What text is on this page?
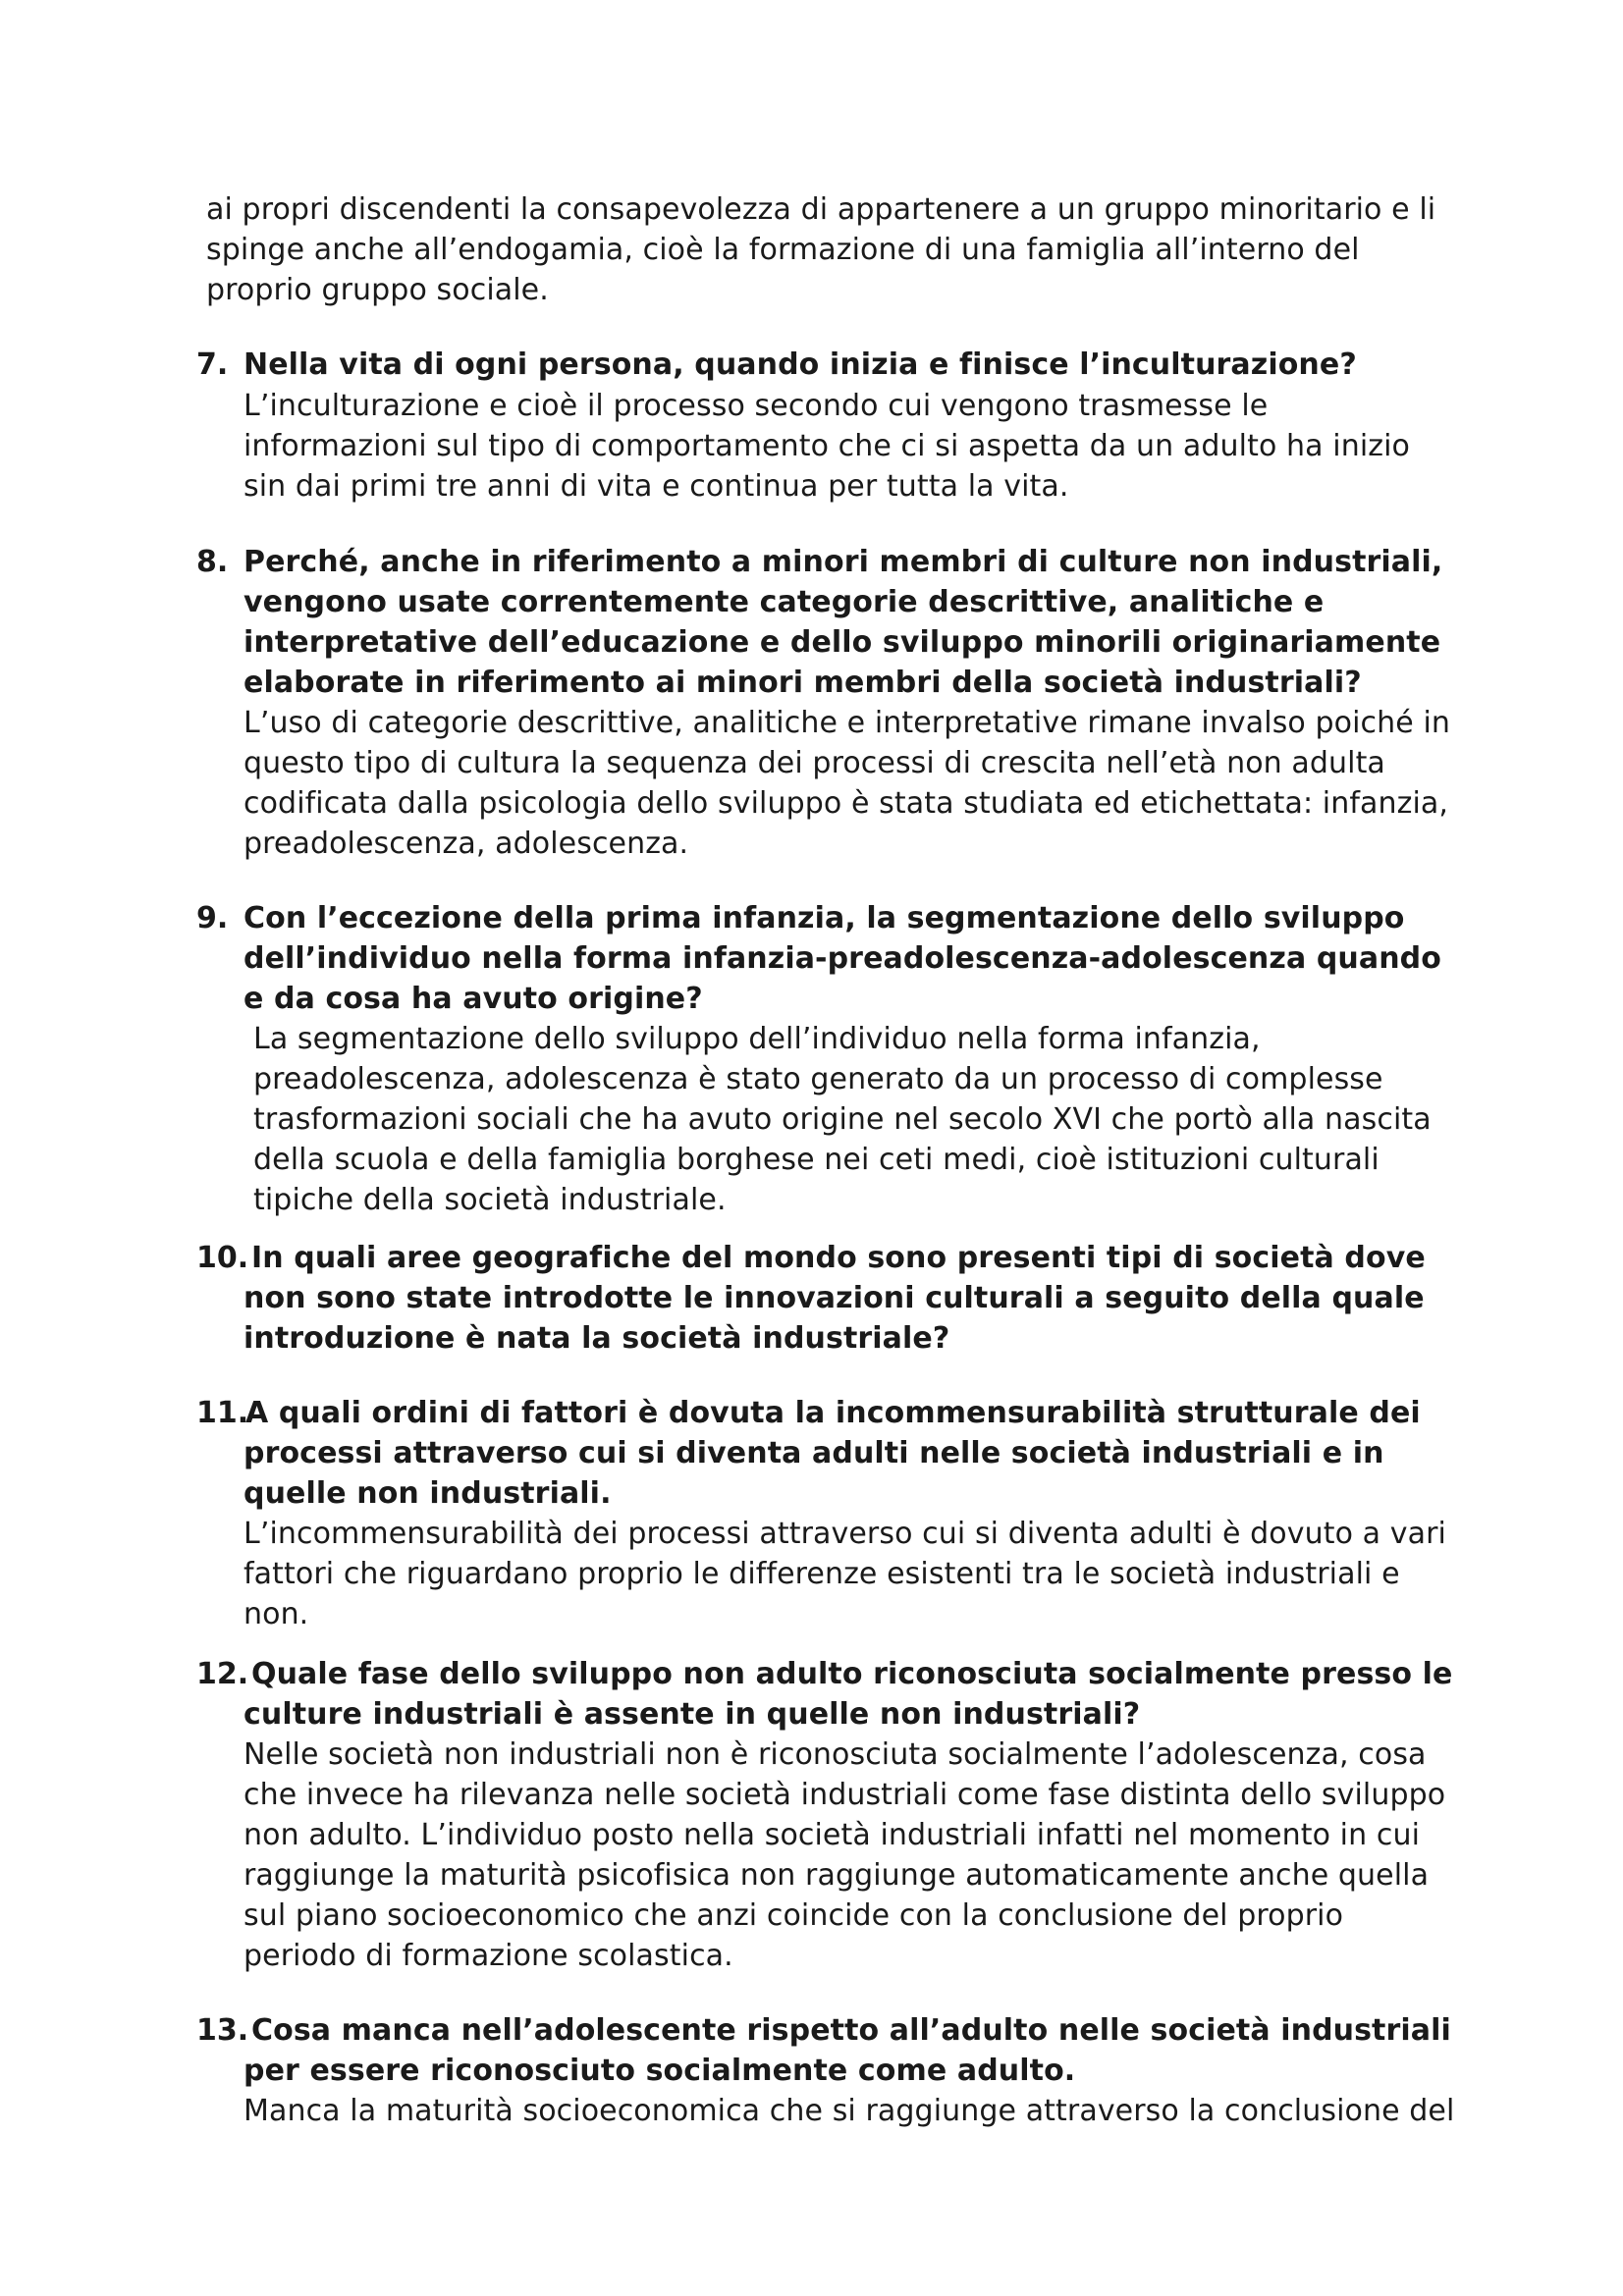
ai propri discendenti la consapevolezza di appartenere a un gruppo minoritario e li
spinge anche all’endogamia, cioè la formazione di una famiglia all’interno del
proprio gruppo sociale.
7. Nella vita di ogni persona, quando inizia e finisce l’inculturazione?
L’inculturazione e cioè il processo secondo cui vengono trasmesse le
informazioni sul tipo di comportamento che ci si aspetta da un adulto ha inizio
sin dai primi tre anni di vita e continua per tutta la vita.
8. Perché, anche in riferimento a minori membri di culture non industriali,
vengono usate correntemente categorie descrittive, analitiche e
interpretative dell’educazione e dello sviluppo minorili originariamente
elaborate in riferimento ai minori membri della società industriali?
L’uso di categorie descrittive, analitiche e interpretative rimane invalso poiché in
questo tipo di cultura la sequenza dei processi di crescita nell’età non adulta
codificata dalla psicologia dello sviluppo è stata studiata ed etichettata: infanzia,
preadolescenza, adolescenza.
9. Con l’eccezione della prima infanzia, la segmentazione dello sviluppo
dell’individuo nella forma infanzia-preadolescenza-adolescenza quando
e da cosa ha avuto origine?
La segmentazione dello sviluppo dell’individuo nella forma infanzia,
preadolescenza, adolescenza è stato generato da un processo di complesse
trasformazioni sociali che ha avuto origine nel secolo XVI che portò alla nascita
della scuola e della famiglia borghese nei ceti medi, cioè istituzioni culturali
tipiche della società industriale.
10. In quali aree geografiche del mondo sono presenti tipi di società dove
non sono state introdotte le innovazioni culturali a seguito della quale
introduzione è nata la società industriale?
11.
A quali ordini di fattori è dovuta la incommensurabilità strutturale dei
processi attraverso cui si diventa adulti nelle società industriali e in
quelle non industriali.
L’incommensurabilità dei processi attraverso cui si diventa adulti è dovuto a vari
fattori che riguardano proprio le differenze esistenti tra le società industriali e
non.
12. Quale fase dello sviluppo non adulto riconosciuta socialmente presso le
culture industriali è assente in quelle non industriali?
Nelle società non industriali non è riconosciuta socialmente l’adolescenza, cosa
che invece ha rilevanza nelle società industriali come fase distinta dello sviluppo
non adulto. L’individuo posto nella società industriali infatti nel momento in cui
raggiunge la maturità psicofisica non raggiunge automaticamente anche quella
sul piano socioeconomico che anzi coincide con la conclusione del proprio
periodo di formazione scolastica.
13. Cosa manca nell’adolescente rispetto all’adulto nelle società industriali
per essere riconosciuto socialmente come adulto.
Manca la maturità socioeconomica che si raggiunge attraverso la conclusione del
